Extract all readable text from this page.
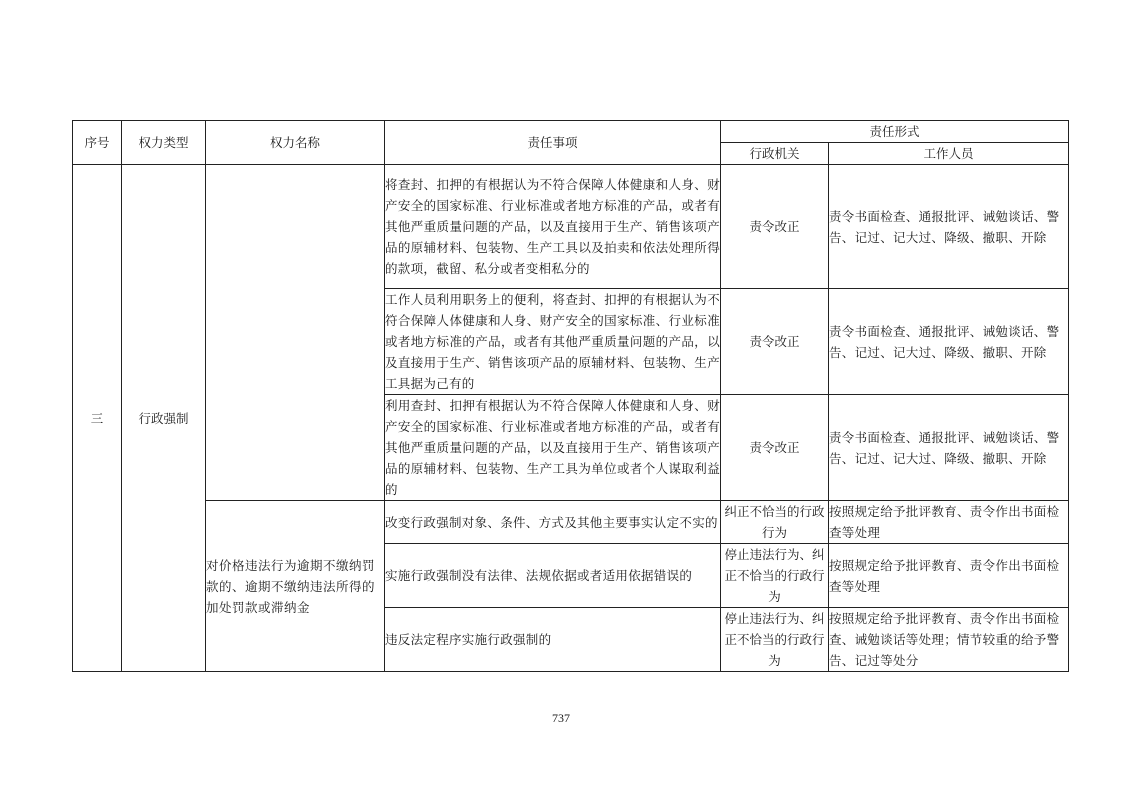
序号	权力类型	权力名称	责任事项	责任形式	
				行政机关	工作人员
三	行政强制		将查封、扣押的有根据认为不符合保障人体健康和人身、财产安全的国家标准、行业标准或者地方标准的产品，或者有其他严重质量问题的产品，以及直接用于生产、销售该项产品的原辅材料、包装物、生产工具以及拍卖和依法处理所得的款项，截留、私分或者变相私分的	责令改正	责令书面检查、通报批评、诫勉谈话、警告、记过、记大过、降级、撤职、开除
			工作人员利用职务上的便利，将查封、扣押的有根据认为不符合保障人体健康和人身、财产安全的国家标准、行业标准或者地方标准的产品，或者有其他严重质量问题的产品，以及直接用于生产、销售该项产品的原辅材料、包装物、生产工具据为己有的	责令改正	责令书面检查、通报批评、诫勉谈话、警告、记过、记大过、降级、撤职、开除
			利用查封、扣押有根据认为不符合保障人体健康和人身、财产安全的国家标准、行业标准或者地方标准的产品，或者有其他严重质量问题的产品，以及直接用于生产、销售该项产品的原辅材料、包装物、生产工具为单位或者个人谋取利益的	责令改正	责令书面检查、通报批评、诫勉谈话、警告、记过、记大过、降级、撤职、开除
		对价格违法行为逾期不缴纳罚款的、逾期不缴纳违法所得的加处罚款或滞纳金	改变行政强制对象、条件、方式及其他主要事实认定不实的	纠正不恰当的行政行为	按照规定给予批评教育、责令作出书面检查等处理
			实施行政强制没有法律、法规依据或者适用依据错误的	停止违法行为、纠正不恰当的行政行为	按照规定给予批评教育、责令作出书面检查等处理
			违反法定程序实施行政强制的	停止违法行为、纠正不恰当的行政行为	按照规定给予批评教育、责令作出书面检查、诫勉谈话等处理；情节较重的给予警告、记过等处分
737
